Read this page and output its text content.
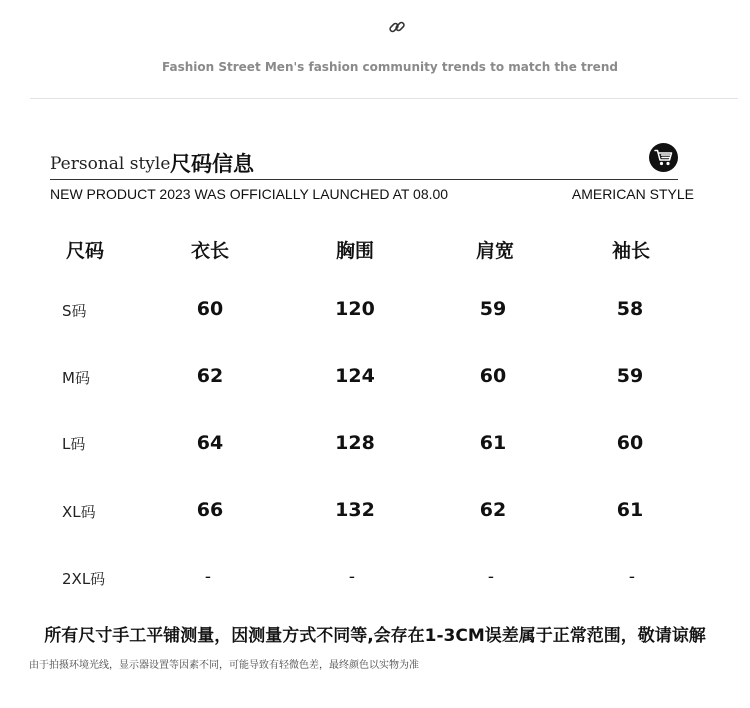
Fashion Street Men's fashion community trends to match the trend
Personal style 尺码信息
NEW PRODUCT 2023 WAS OFFICIALLY LAUNCHED AT 08.00	AMERICAN STYLE
尺码	衣长	胸围	肩宽	袖长
S码	60	120	59	58
M码	62	124	60	59
L码	64	128	61	60
XL码	66	132	62	61
2XL码	-	-	-	-
所有尺寸手工平铺测量，因测量方式不同等,会存在1-3CM误差属于正常范围，敬请谅解
由于拍摄环境光线，显示器设置等因素不同，可能导致有轻微色差，最终颜色以实物为准
